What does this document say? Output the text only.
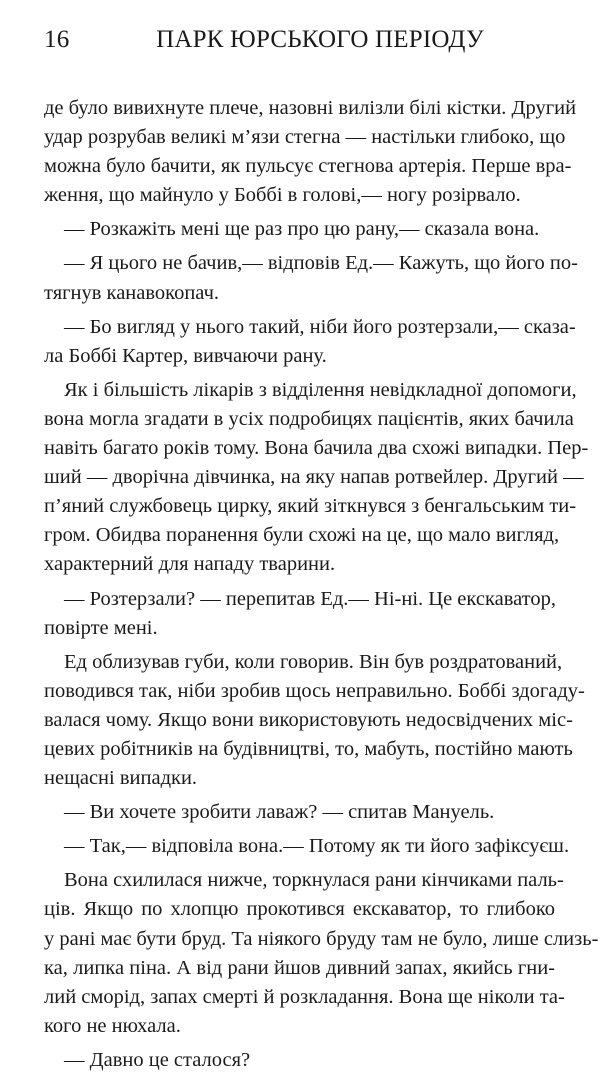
16	ПАРК ЮРСЬКОГО ПЕРІОДУ
де було вивихнуте плече, назовні вилізли білі кістки. Другий
удар розрубав великі м’язи стегна — настільки глибоко, що
можна було бачити, як пульсує стегнова артерія. Перше вра-
ження, що майнуло у Боббі в голові,— ногу розірвало.
— Розкажіть мені ще раз про цю рану,— сказала вона.
— Я цього не бачив,— відповів Ед.— Кажуть, що його по-
тягнув канавокопач.
— Бо вигляд у нього такий, ніби його розтерзали,— сказа-
ла Боббі Картер, вивчаючи рану.
Як і більшість лікарів з відділення невідкладної допомоги,
вона могла згадати в усіх подробицях пацієнтів, яких бачила
навіть багато років тому. Вона бачила два схожі випадки. Пер-
ший — дворічна дівчинка, на яку напав ротвейлер. Другий —
п’яний службовець цирку, який зіткнувся з бенгальським ти-
гром. Обидва поранення були схожі на це, що мало вигляд,
характерний для нападу тварини.
— Розтерзали? — перепитав Ед.— Ні-ні. Це екскаватор,
повірте мені.
Ед облизував губи, коли говорив. Він був роздратований,
поводився так, ніби зробив щось неправильно. Боббі здогаду-
валася чому. Якщо вони використовують недосвідчених міс-
цевих робітників на будівництві, то, мабуть, постійно мають
нещасні випадки.
— Ви хочете зробити лаваж? — спитав Мануель.
— Так,— відповіла вона.— Потому як ти його зафіксуєш.
Вона схилилася нижче, торкнулася рани кінчиками паль-
ців. Якщо по хлопцю прокотився екскаватор, то глибоко
у рані має бути бруд. Та ніякого бруду там не було, лише слизь-
ка, липка піна. А від рани йшов дивний запах, якийсь гни-
лий сморід, запах смерті й розкладання. Вона ще ніколи та-
кого не нюхала.
— Давно це сталося?
